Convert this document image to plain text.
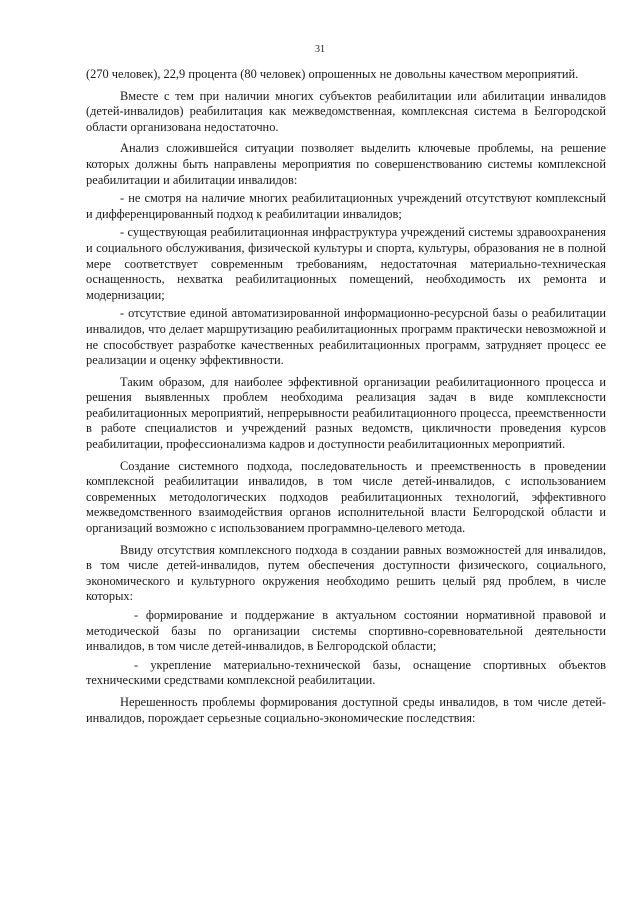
31

(270 человек), 22,9 процента (80 человек) опрошенных не довольны качеством мероприятий.

Вместе с тем при наличии многих субъектов реабилитации или абилитации инвалидов (детей-инвалидов) реабилитация как межведомственная, комплексная система в Белгородской области организована недостаточно.

Анализ сложившейся ситуации позволяет выделить ключевые проблемы, на решение которых должны быть направлены мероприятия по совершенствованию системы комплексной реабилитации и абилитации инвалидов:

- не смотря на наличие многих реабилитационных учреждений отсутствуют комплексный и дифференцированный подход к реабилитации инвалидов;

- существующая реабилитационная инфраструктура учреждений системы здравоохранения и социального обслуживания, физической культуры и спорта, культуры, образования не в полной мере соответствует современным требованиям, недостаточная материально-техническая оснащенность, нехватка реабилитационных помещений, необходимость их ремонта и модернизации;

- отсутствие единой автоматизированной информационно-ресурсной базы о реабилитации инвалидов, что делает маршрутизацию реабилитационных программ практически невозможной и не способствует разработке качественных реабилитационных программ, затрудняет процесс ее реализации и оценку эффективности.

Таким образом, для наиболее эффективной организации реабилитационного процесса и решения выявленных проблем необходима реализация задач в виде комплексности реабилитационных мероприятий, непрерывности реабилитационного процесса, преемственности в работе специалистов и учреждений разных ведомств, цикличности проведения курсов реабилитации, профессионализма кадров и доступности реабилитационных мероприятий.

Создание системного подхода, последовательность и преемственность в проведении комплексной реабилитации инвалидов, в том числе детей-инвалидов, с использованием современных методологических подходов реабилитационных технологий, эффективного межведомственного взаимодействия органов исполнительной власти Белгородской области и организаций возможно с использованием программно-целевого метода.

Ввиду отсутствия комплексного подхода в создании равных возможностей для инвалидов, в том числе детей-инвалидов, путем обеспечения доступности физического, социального, экономического и культурного окружения необходимо решить целый ряд проблем, в числе которых:

- формирование и поддержание в актуальном состоянии нормативной правовой и методической базы по организации системы спортивно-соревновательной деятельности инвалидов, в том числе детей-инвалидов, в Белгородской области;

- укрепление материально-технической базы, оснащение спортивных объектов техническими средствами комплексной реабилитации.

Нерешенность проблемы формирования доступной среды инвалидов, в том числе детей-инвалидов, порождает серьезные социально-экономические последствия:
